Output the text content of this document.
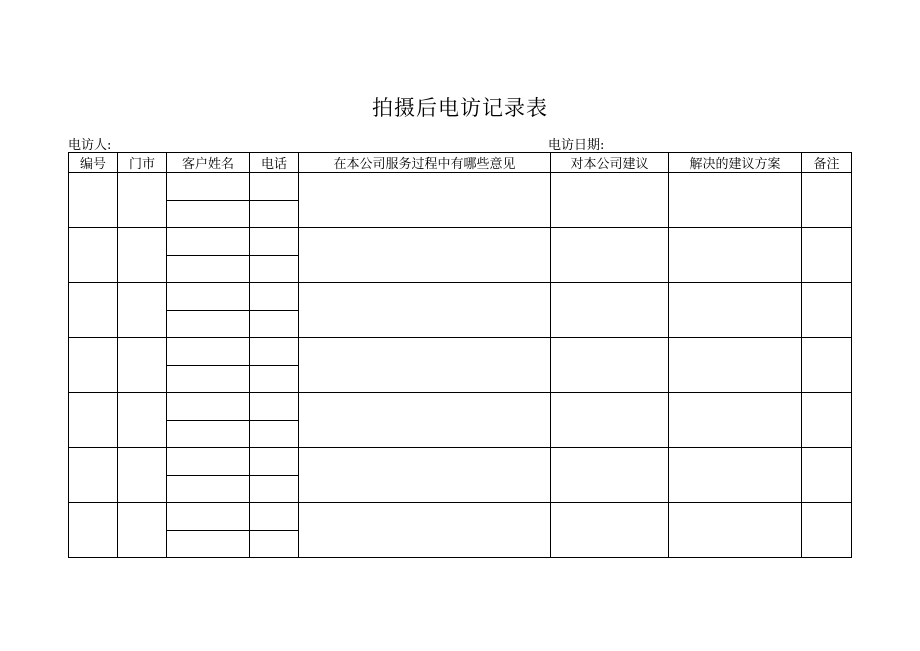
拍摄后电访记录表
电访人:	电访日期:
编号	门市	客户姓名	电话	在本公司服务过程中有哪些意见	对本公司建议	解决的建议方案	备注
